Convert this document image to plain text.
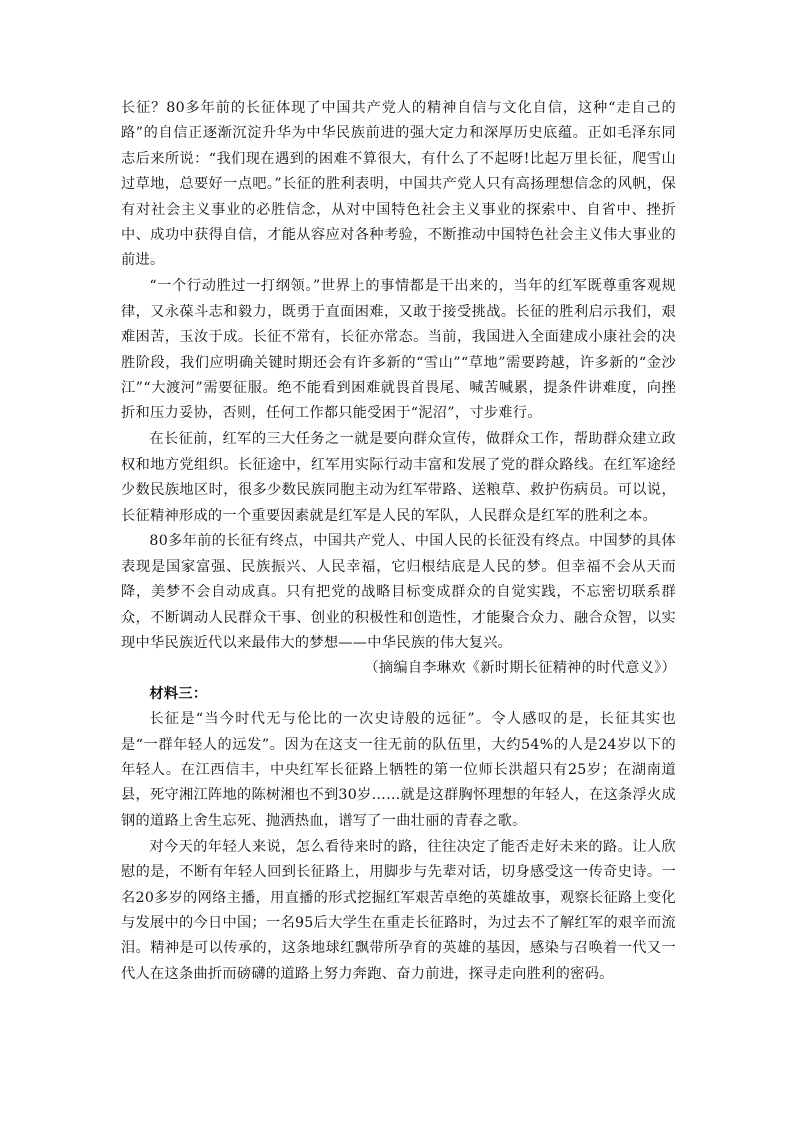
长征？80多年前的长征体现了中国共产党人的精神自信与文化自信，这种“走自己的路”的自信正逐渐沉淀升华为中华民族前进的强大定力和深厚历史底蕴。正如毛泽东同志后来所说：“我们现在遇到的困难不算很大，有什么了不起呀!比起万里长征，爬雪山过草地，总要好一点吧。”长征的胜利表明，中国共产党人只有高扬理想信念的风帆，保有对社会主义事业的必胜信念，从对中国特色社会主义事业的探索中、自省中、挫折中、成功中获得自信，才能从容应对各种考验，不断推动中国特色社会主义伟大事业的前进。

“一个行动胜过一打纲领。”世界上的事情都是干出来的，当年的红军既尊重客观规律，又永葆斗志和毅力，既勇于直面困难，又敢于接受挑战。长征的胜利启示我们，艰难困苦，玉汝于成。长征不常有，长征亦常态。当前，我国进入全面建成小康社会的决胜阶段，我们应明确关键时期还会有许多新的“雪山”“草地”需要跨越，许多新的“金沙江”“大渡河”需要征服。绝不能看到困难就畏首畏尾、喊苦喊累，提条件讲难度，向挫折和压力妥协，否则，任何工作都只能受困于“泥沼”，寸步难行。

在长征前，红军的三大任务之一就是要向群众宣传，做群众工作，帮助群众建立政权和地方党组织。长征途中，红军用实际行动丰富和发展了党的群众路线。在红军途经少数民族地区时，很多少数民族同胞主动为红军带路、送粮草、救护伤病员。可以说，长征精神形成的一个重要因素就是红军是人民的军队，人民群众是红军的胜利之本。

80多年前的长征有终点，中国共产党人、中国人民的长征没有终点。中国梦的具体表现是国家富强、民族振兴、人民幸福，它归根结底是人民的梦。但幸福不会从天而降，美梦不会自动成真。只有把党的战略目标变成群众的自觉实践，不忘密切联系群众，不断调动人民群众干事、创业的积极性和创造性，才能聚合众力、融合众智，以实现中华民族近代以来最伟大的梦想——中华民族的伟大复兴。

（摘编自李琳欢《新时期长征精神的时代意义》）

材料三：

长征是“当今时代无与伦比的一次史诗般的远征”。令人感叹的是，长征其实也是“一群年轻人的远发”。因为在这支一往无前的队伍里，大约54%的人是24岁以下的年轻人。在江西信丰，中央红军长征路上牺牲的第一位师长洪超只有25岁；在湖南道县，死守湘江阵地的陈树湘也不到30岁……就是这群胸怀理想的年轻人，在这条浮火成钢的道路上舍生忘死、抛洒热血，谱写了一曲壮丽的青春之歌。

对今天的年轻人来说，怎么看待来时的路，往往决定了能否走好未来的路。让人欣慰的是，不断有年轻人回到长征路上，用脚步与先辈对话，切身感受这一传奇史诗。一名20多岁的网络主播，用直播的形式挖掘红军艰苦卓绝的英雄故事，观察长征路上变化与发展中的今日中国；一名95后大学生在重走长征路时，为过去不了解红军的艰辛而流泪。精神是可以传承的，这条地球红飘带所孕育的英雄的基因，感染与召唤着一代又一代人在这条曲折而磅礴的道路上努力奔跑、奋力前进，探寻走向胜利的密码。
